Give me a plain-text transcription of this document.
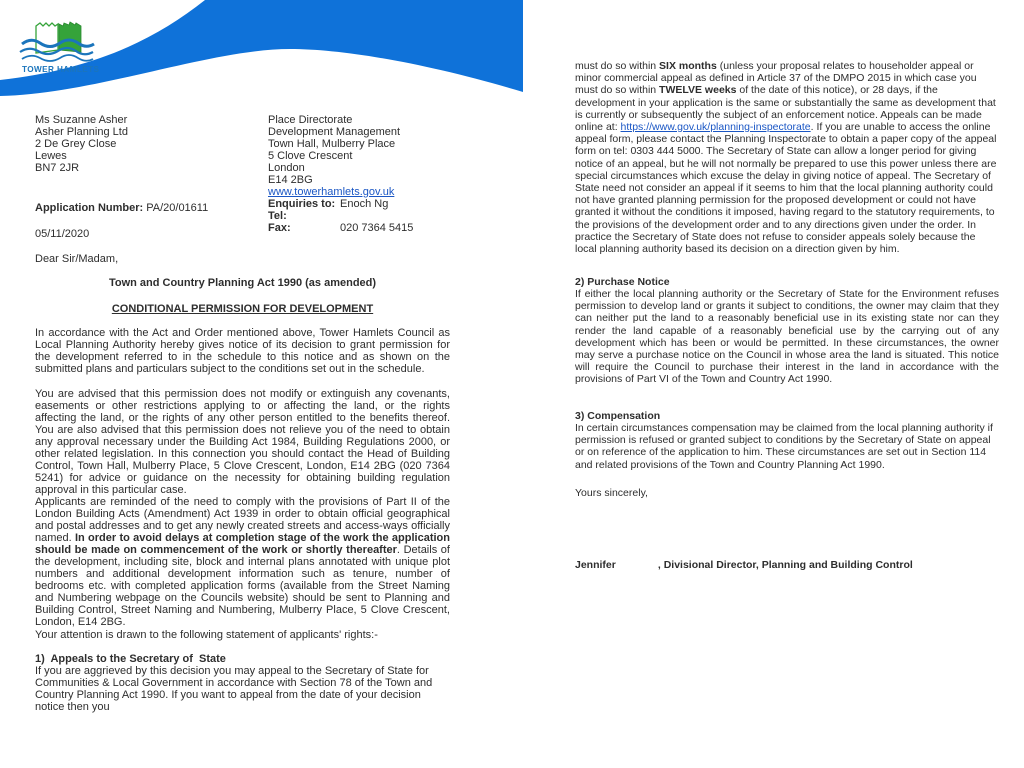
TOWER HAMLETS
Ms Suzanne Asher
Asher Planning Ltd
2 De Grey Close
Lewes
BN7 2JR
Place Directorate
Development Management
Town Hall, Mulberry Place
5 Clove Crescent
London
E14 2BG
www.towerhamlets.gov.uk
Enquiries to: Enoch Ng
Tel:
Fax:	020 7364 5415
Application Number: PA/20/01611
05/11/2020
Dear Sir/Madam,
Town and Country Planning Act 1990 (as amended)
CONDITIONAL PERMISSION FOR DEVELOPMENT
In accordance with the Act and Order mentioned above, Tower Hamlets Council as Local Planning Authority hereby gives notice of its decision to grant permission for the development referred to in the schedule to this notice and as shown on the submitted plans and particulars subject to the conditions set out in the schedule.
You are advised that this permission does not modify or extinguish any covenants, easements or other restrictions applying to or affecting the land, or the rights affecting the land, or the rights of any other person entitled to the benefits thereof. You are also advised that this permission does not relieve you of the need to obtain any approval necessary under the Building Act 1984, Building Regulations 2000, or other related legislation. In this connection you should contact the Head of Building Control, Town Hall, Mulberry Place, 5 Clove Crescent, London, E14 2BG (020 7364 5241) for advice or guidance on the necessity for obtaining building regulation approval in this particular case.
Applicants are reminded of the need to comply with the provisions of Part II of the London Building Acts (Amendment) Act 1939 in order to obtain official geographical and postal addresses and to get any newly created streets and access-ways officially named. In order to avoid delays at completion stage of the work the application should be made on commencement of the work or shortly thereafter. Details of the development, including site, block and internal plans annotated with unique plot numbers and additional development information such as tenure, number of bedrooms etc. with completed application forms (available from the Street Naming and Numbering webpage on the Councils website) should be sent to Planning and Building Control, Street Naming and Numbering, Mulberry Place, 5 Clove Crescent, London, E14 2BG.
Your attention is drawn to the following statement of applicants' rights:-
1)  Appeals to the Secretary of  State
If you are aggrieved by this decision you may appeal to the Secretary of State for Communities & Local Government in accordance with Section 78 of the Town and Country Planning Act 1990. If you want to appeal from the date of your decision notice then you
must do so within SIX months (unless your proposal relates to householder appeal or minor commercial appeal as defined in Article 37 of the DMPO 2015 in which case you must do so within TWELVE weeks of the date of this notice), or 28 days, if the development in your application is the same or substantially the same as development that is currently or subsequently the subject of an enforcement notice. Appeals can be made online at: https://www.gov.uk/planning-inspectorate. If you are unable to access the online appeal form, please contact the Planning Inspectorate to obtain a paper copy of the appeal form on tel: 0303 444 5000. The Secretary of State can allow a longer period for giving notice of an appeal, but he will not normally be prepared to use this power unless there are special circumstances which excuse the delay in giving notice of appeal. The Secretary of State need not consider an appeal if it seems to him that the local planning authority could not have granted planning permission for the proposed development or could not have granted it without the conditions it imposed, having regard to the statutory requirements, to the provisions of the development order and to any directions given under the order. In practice the Secretary of State does not refuse to consider appeals solely because the local planning authority based its decision on a direction given by him.
2) Purchase Notice
If either the local planning authority or the Secretary of State for the Environment refuses permission to develop land or grants it subject to conditions, the owner may claim that they can neither put the land to a reasonably beneficial use in its existing state nor can they render the land capable of a reasonably beneficial use by the carrying out of any development which has been or would be permitted. In these circumstances, the owner may serve a purchase notice on the Council in whose area the land is situated. This notice will require the Council to purchase their interest in the land in accordance with the provisions of Part VI of the Town and Country Act 1990.
3) Compensation
In certain circumstances compensation may be claimed from the local planning authority if permission is refused or granted subject to conditions by the Secretary of State on appeal or on reference of the application to him. These circumstances are set out in Section 114 and related provisions of the Town and Country Planning Act 1990.
Yours sincerely,
Jennifer	, Divisional Director, Planning and Building Control
